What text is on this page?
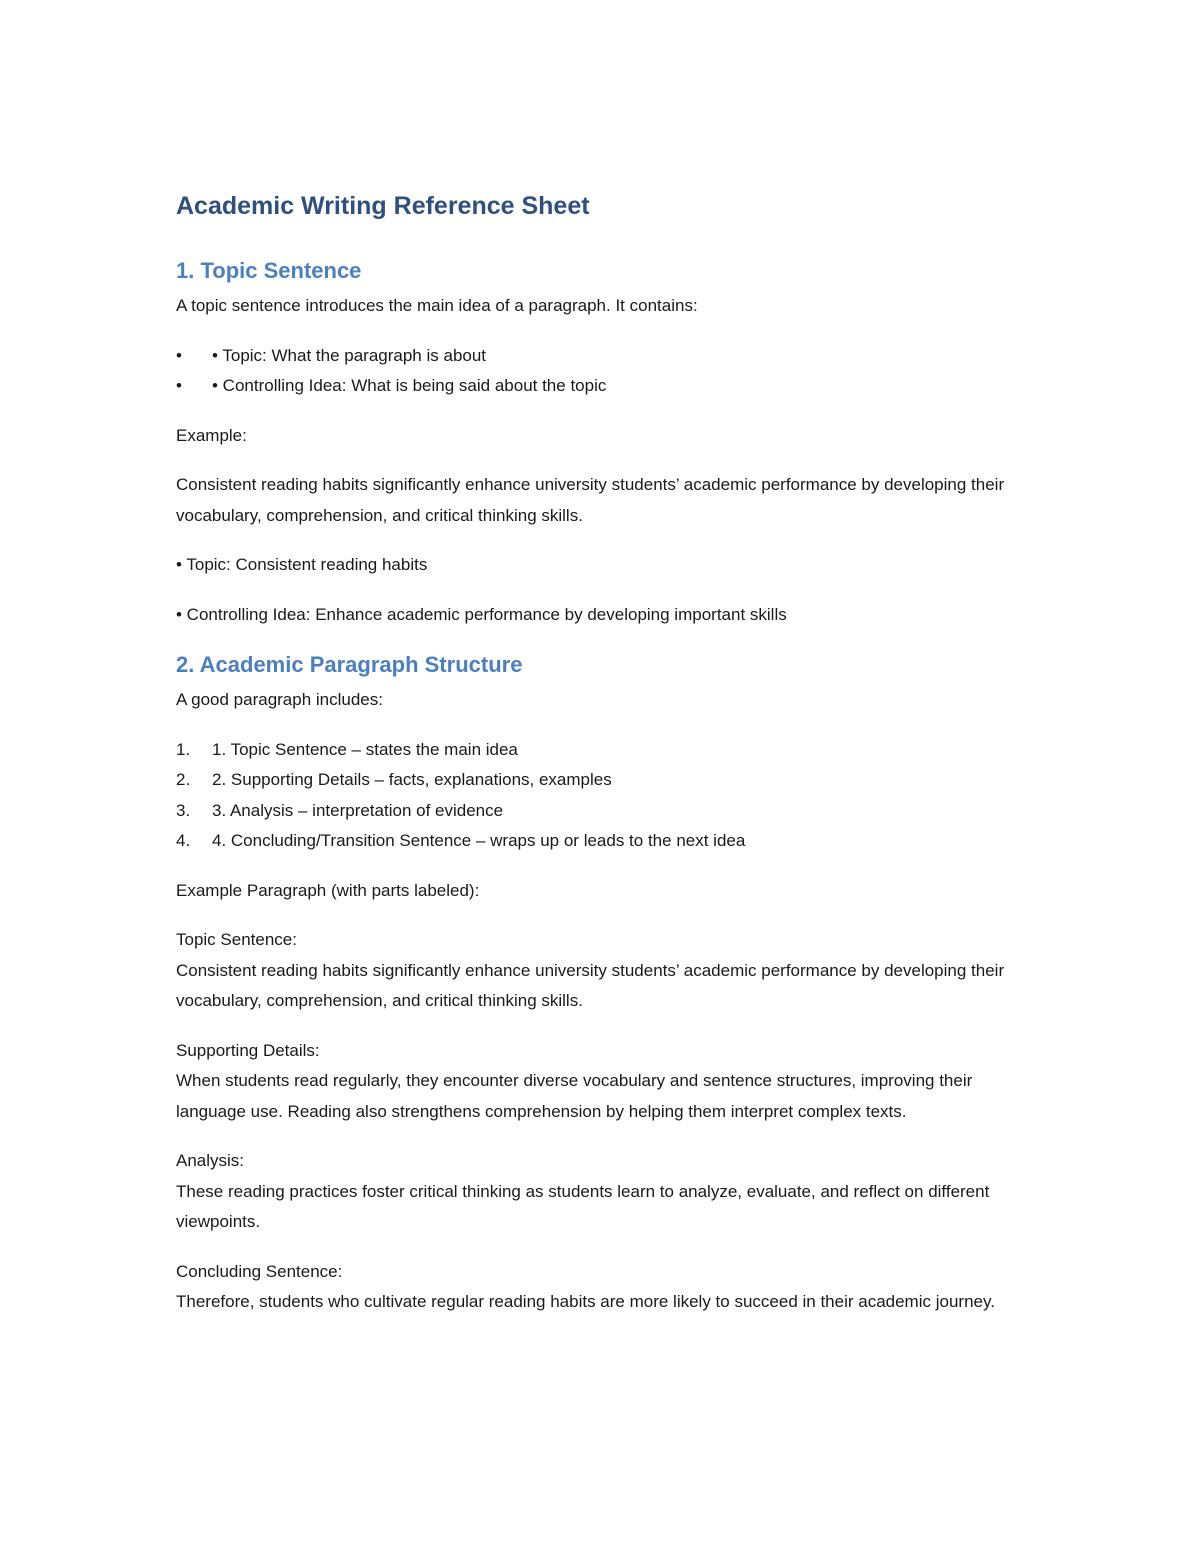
Academic Writing Reference Sheet
1. Topic Sentence

A topic sentence introduces the main idea of a paragraph. It contains:

• • Topic: What the paragraph is about
• • Controlling Idea: What is being said about the topic

Example:

Consistent reading habits significantly enhance university students’ academic performance by developing their vocabulary, comprehension, and critical thinking skills.

• Topic: Consistent reading habits

• Controlling Idea: Enhance academic performance by developing important skills

2. Academic Paragraph Structure

A good paragraph includes:

1. 1. Topic Sentence – states the main idea
2. 2. Supporting Details – facts, explanations, examples
3. 3. Analysis – interpretation of evidence
4. 4. Concluding/Transition Sentence – wraps up or leads to the next idea

Example Paragraph (with parts labeled):

Topic Sentence:

Consistent reading habits significantly enhance university students’ academic performance by developing their vocabulary, comprehension, and critical thinking skills.

Supporting Details:

When students read regularly, they encounter diverse vocabulary and sentence structures, improving their language use. Reading also strengthens comprehension by helping them interpret complex texts.

Analysis:

These reading practices foster critical thinking as students learn to analyze, evaluate, and reflect on different viewpoints.

Concluding Sentence:

Therefore, students who cultivate regular reading habits are more likely to succeed in their academic journey.
